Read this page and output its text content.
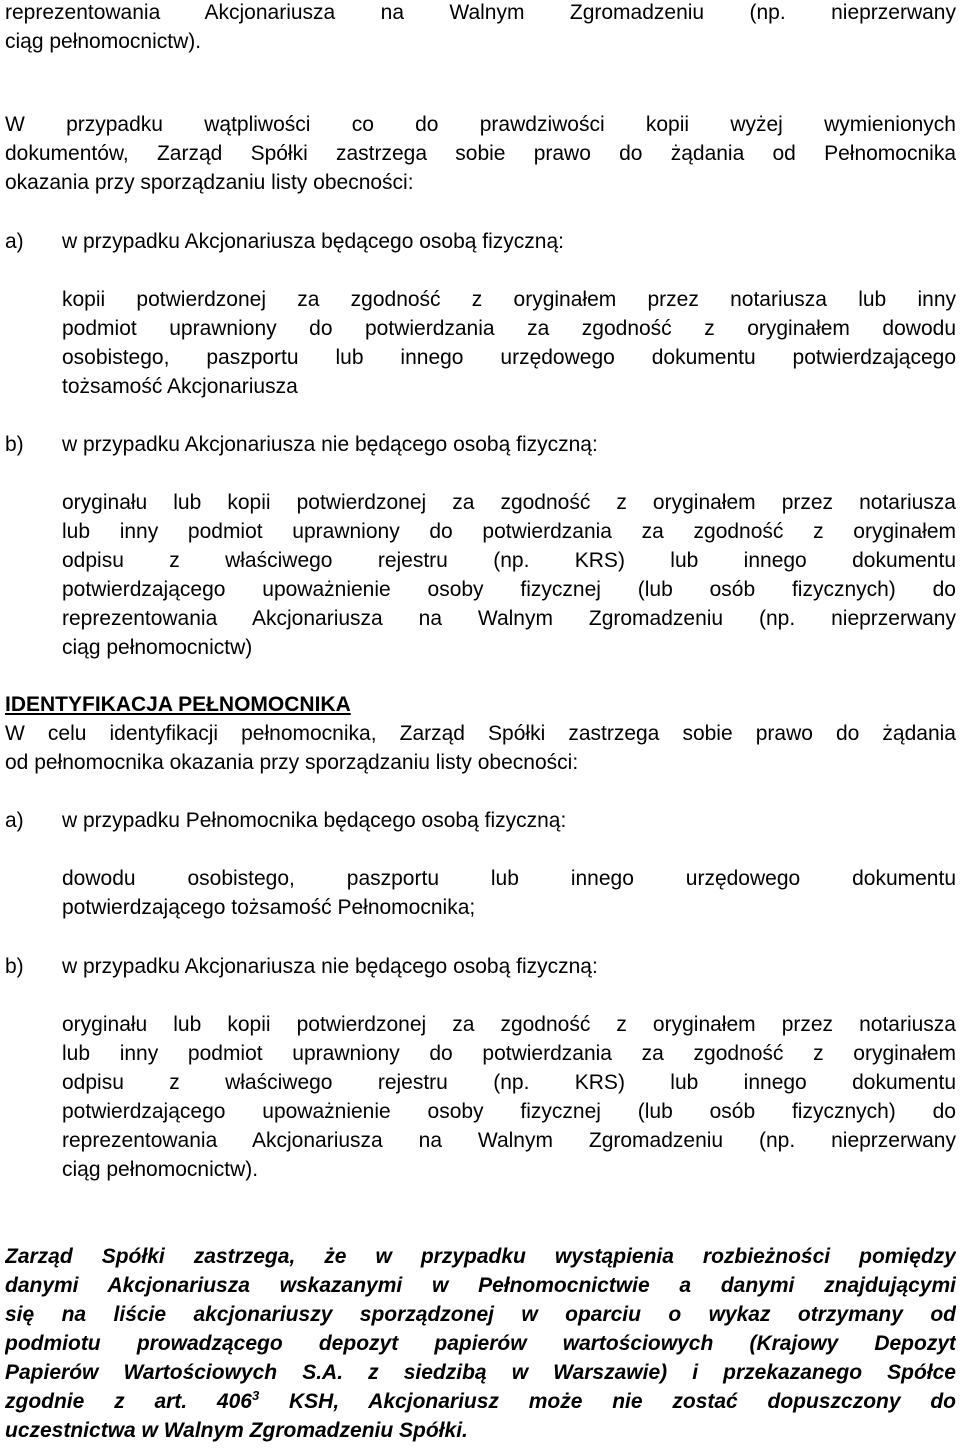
reprezentowania Akcjonariusza na Walnym Zgromadzeniu (np. nieprzerwany
ciąg pełnomocnictw).
W przypadku wątpliwości co do prawdziwości kopii wyżej wymienionych
dokumentów, Zarząd Spółki zastrzega sobie prawo do żądania od Pełnomocnika
okazania przy sporządzaniu listy obecności:
a)	w przypadku Akcjonariusza będącego osobą fizyczną:
kopii potwierdzonej za zgodność z oryginałem przez notariusza lub inny
podmiot uprawniony do potwierdzania za zgodność z oryginałem dowodu
osobistego, paszportu lub innego urzędowego dokumentu potwierdzającego
tożsamość Akcjonariusza
b)	w przypadku Akcjonariusza nie będącego osobą fizyczną:
oryginału lub kopii potwierdzonej za zgodność z oryginałem przez notariusza
lub inny podmiot uprawniony do potwierdzania za zgodność z oryginałem
odpisu z właściwego rejestru (np. KRS) lub innego dokumentu
potwierdzającego upoważnienie osoby fizycznej (lub osób fizycznych) do
reprezentowania Akcjonariusza na Walnym Zgromadzeniu (np. nieprzerwany
ciąg pełnomocnictw)
IDENTYFIKACJA PEŁNOMOCNIKA
W celu identyfikacji pełnomocnika, Zarząd Spółki zastrzega sobie prawo do żądania
od pełnomocnika okazania przy sporządzaniu listy obecności:
a)	w przypadku Pełnomocnika będącego osobą fizyczną:
dowodu osobistego, paszportu lub innego urzędowego dokumentu
potwierdzającego tożsamość Pełnomocnika;
b)	w przypadku Akcjonariusza nie będącego osobą fizyczną:
oryginału lub kopii potwierdzonej za zgodność z oryginałem przez notariusza
lub inny podmiot uprawniony do potwierdzania za zgodność z oryginałem
odpisu z właściwego rejestru (np. KRS) lub innego dokumentu
potwierdzającego upoważnienie osoby fizycznej (lub osób fizycznych) do
reprezentowania Akcjonariusza na Walnym Zgromadzeniu (np. nieprzerwany
ciąg pełnomocnictw).
Zarząd Spółki zastrzega, że w przypadku wystąpienia rozbieżności pomiędzy
danymi Akcjonariusza wskazanymi w Pełnomocnictwie a danymi znajdującymi
się na liście akcjonariuszy sporządzonej w oparciu o wykaz otrzymany od
podmiotu prowadzącego depozyt papierów wartościowych (Krajowy Depozyt
Papierów Wartościowych S.A. z siedzibą w Warszawie) i przekazanego Spółce
zgodnie z art. $406^3$ KSH, Akcjonariusz może nie zostać dopuszczony do
uczestnictwa w Walnym Zgromadzeniu Spółki.
